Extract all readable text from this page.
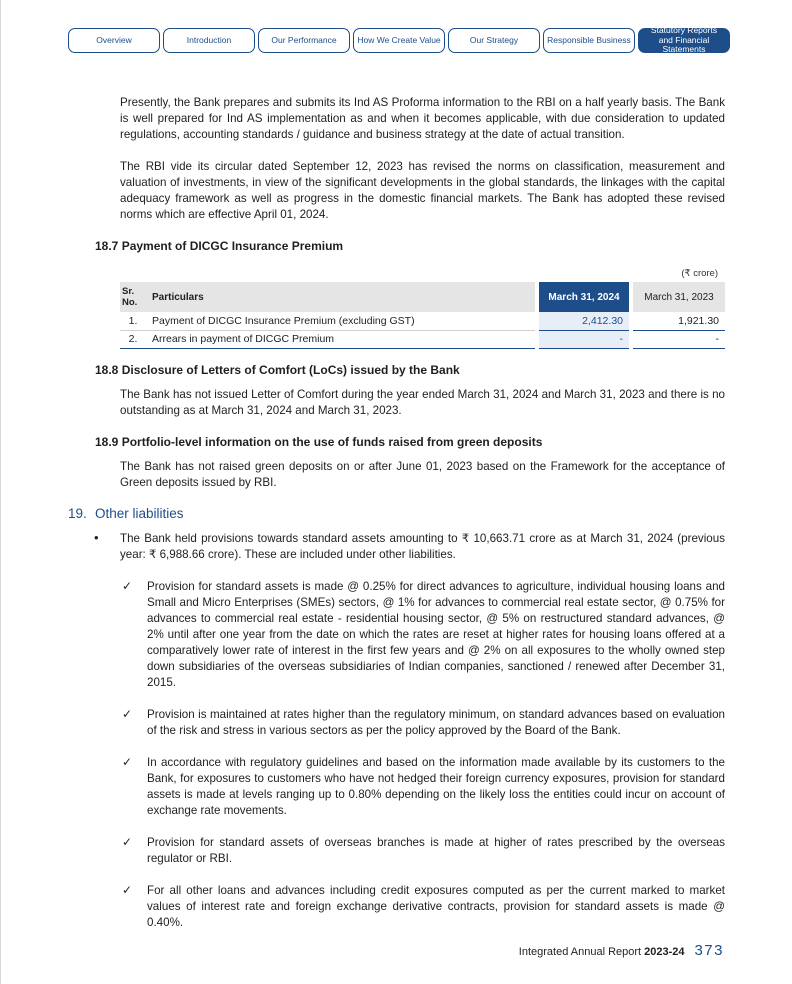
Overview	Introduction	Our Performance	How We Create Value	Our Strategy	Responsible Business
Statutory Reports and Financial Statements

Presently, the Bank prepares and submits its Ind AS Proforma information to the RBI on a half yearly basis. The Bank is well prepared for Ind AS implementation as and when it becomes applicable, with due consideration to updated regulations, accounting standards / guidance and business strategy at the date of actual transition.

The RBI vide its circular dated September 12, 2023 has revised the norms on classification, measurement and valuation of investments, in view of the significant developments in the global standards, the linkages with the capital adequacy framework as well as progress in the domestic financial markets. The Bank has adopted these revised norms which are effective April 01, 2024.

18.7 Payment of DICGC Insurance Premium
(₹ crore)
Sr. No.	Particulars		March 31, 2024		March 31, 2023
1.	Payment of DICGC Insurance Premium (excluding GST)		2,412.30		1,921.30
2.	Arrears in payment of DICGC Premium		-		-
18.8 Disclosure of Letters of Comfort (LoCs) issued by the Bank

The Bank has not issued Letter of Comfort during the year ended March 31, 2024 and March 31, 2023 and there is no outstanding as at March 31, 2024 and March 31, 2023.

18.9 Portfolio-level information on the use of funds raised from green deposits

The Bank has not raised green deposits on or after June 01, 2023 based on the Framework for the acceptance of Green deposits issued by RBI.

19. Other liabilities
• The Bank held provisions towards standard assets amounting to ₹ 10,663.71 crore as at March 31, 2024 (previous year: ₹ 6,988.66 crore). These are included under other liabilities.

✓ Provision for standard assets is made @ 0.25% for direct advances to agriculture, individual housing loans and Small and Micro Enterprises (SMEs) sectors, @ 1% for advances to commercial real estate sector, @ 0.75% for advances to commercial real estate - residential housing sector, @ 5% on restructured standard advances, @ 2% until after one year from the date on which the rates are reset at higher rates for housing loans offered at a comparatively lower rate of interest in the first few years and @ 2% on all exposures to the wholly owned step down subsidiaries of the overseas subsidiaries of Indian companies, sanctioned / renewed after December 31, 2015.

✓ Provision is maintained at rates higher than the regulatory minimum, on standard advances based on evaluation of the risk and stress in various sectors as per the policy approved by the Board of the Bank.

✓ In accordance with regulatory guidelines and based on the information made available by its customers to the Bank, for exposures to customers who have not hedged their foreign currency exposures, provision for standard assets is made at levels ranging up to 0.80% depending on the likely loss the entities could incur on account of exchange rate movements.

✓ Provision for standard assets of overseas branches is made at higher of rates prescribed by the overseas regulator or RBI.

✓ For all other loans and advances including credit exposures computed as per the current marked to market values of interest rate and foreign exchange derivative contracts, provision for standard assets is made @ 0.40%.

Integrated Annual Report 2023-24 373
